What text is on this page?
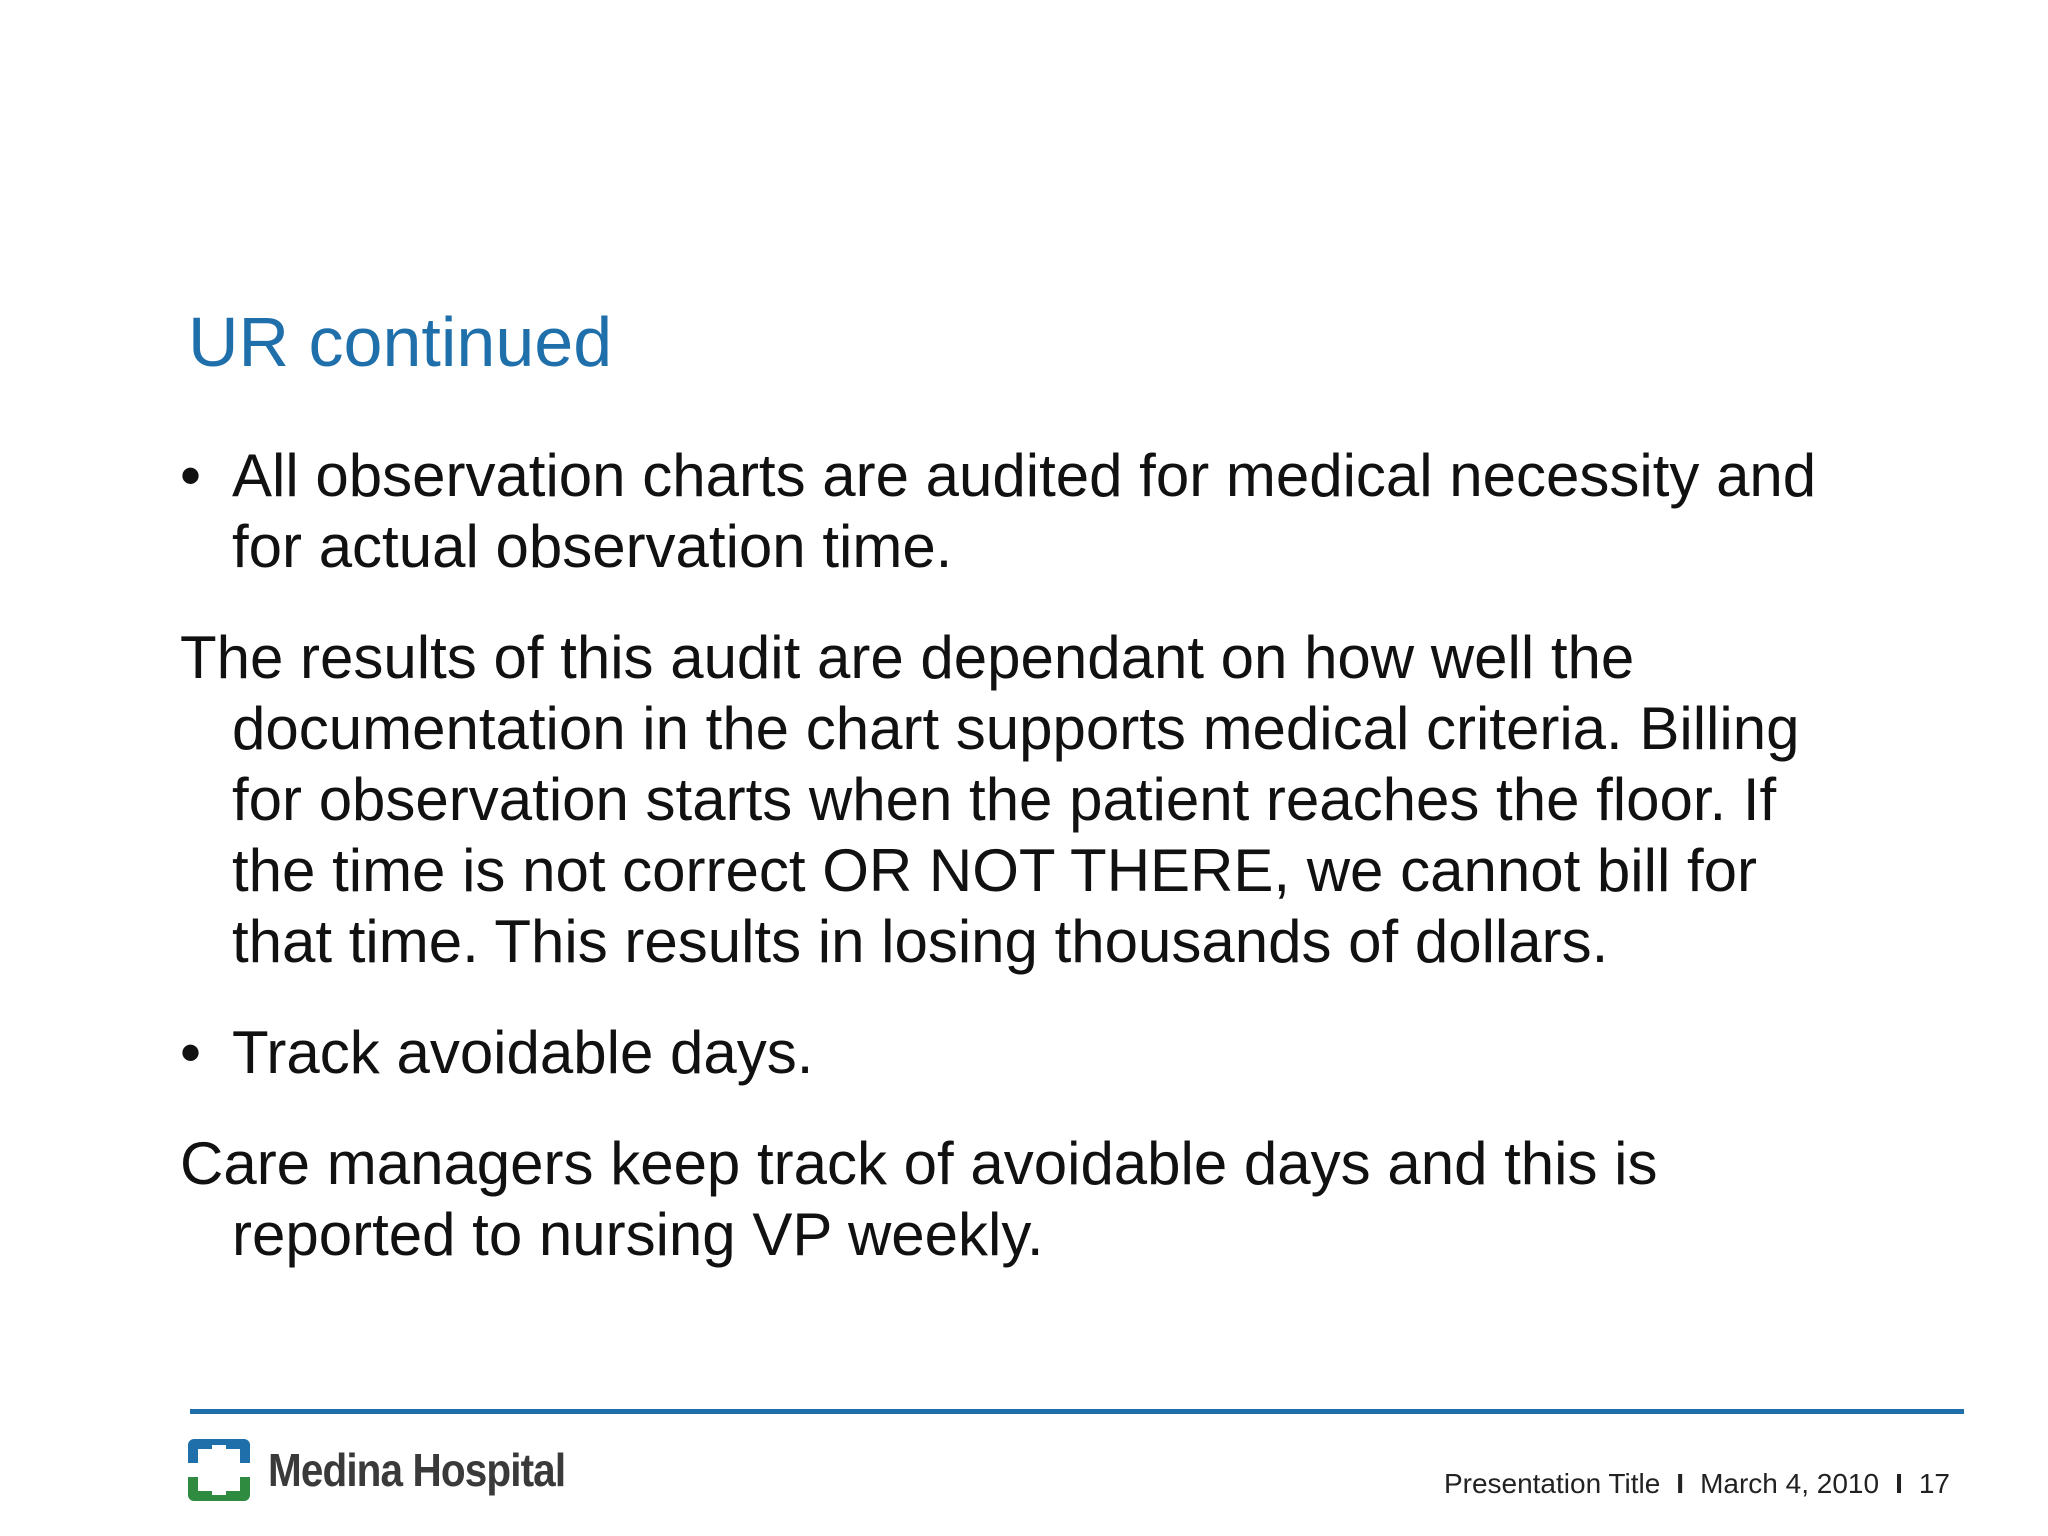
UR continued

• All observation charts are audited for medical necessity and for actual observation time.

The results of this audit are dependant on how well the documentation in the chart supports medical criteria. Billing for observation starts when the patient reaches the floor. If the time is not correct OR NOT THERE, we cannot bill for that time. This results in losing thousands of dollars.

• Track avoidable days.

Care managers keep track of avoidable days and this is reported to nursing VP weekly.

Medina Hospital	Presentation Title I March 4, 2010 I 17
